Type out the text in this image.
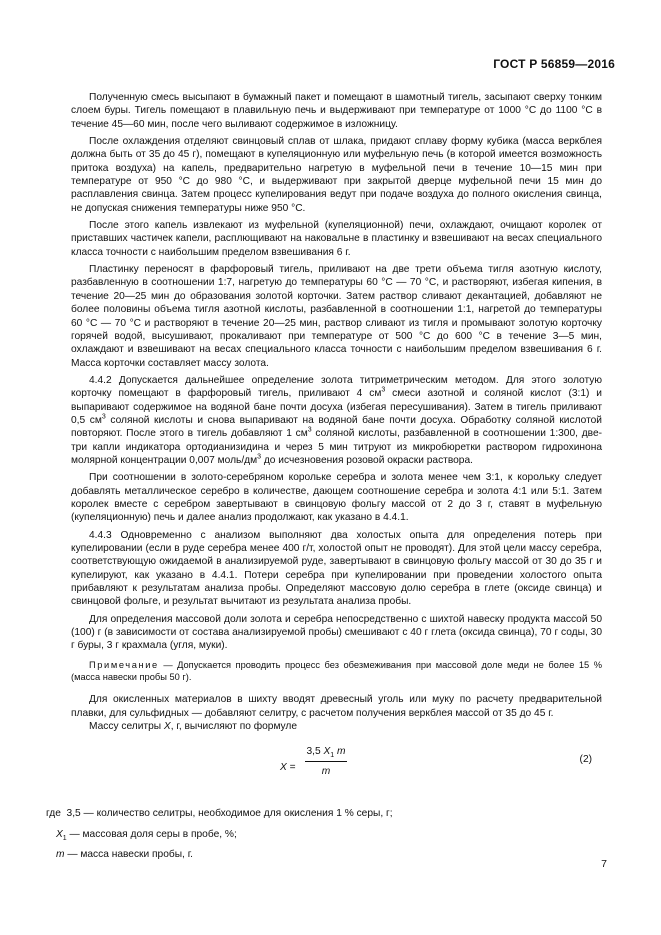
ГОСТ Р 56859—2016

Полученную смесь высыпают в бумажный пакет и помещают в шамотный тигель, засыпают сверху тонким слоем буры. Тигель помещают в плавильную печь и выдерживают при температуре от 1000 °С до 1100 °С в течение 45—60 мин, после чего выливают содержимое в изложницу.

После охлаждения отделяют свинцовый сплав от шлака, придают сплаву форму кубика (масса веркблея должна быть от 35 до 45 г), помещают в купеляционную или муфельную печь (в которой имеется возможность притока воздуха) на капель, предварительно нагретую в муфельной печи в течение 10—15 мин при температуре от 950 °С до 980 °С, и выдерживают при закрытой дверце муфельной печи 15 мин до расплавления свинца. Затем процесс купелирования ведут при подаче воздуха до полного окисления свинца, не допуская снижения температуры ниже 950 °С.

После этого капель извлекают из муфельной (купеляционной) печи, охлаждают, очищают королек от приставших частичек капели, расплющивают на наковальне в пластинку и взвешивают на весах специального класса точности с наибольшим пределом взвешивания 6 г.

Пластинку переносят в фарфоровый тигель, приливают на две трети объема тигля азотную кислоту, разбавленную в соотношении 1:7, нагретую до температуры 60 °С — 70 °С, и растворяют, избегая кипения, в течение 20—25 мин до образования золотой корточки. Затем раствор сливают декантацией, добавляют не более половины объема тигля азотной кислоты, разбавленной в соотношении 1:1, нагретой до температуры 60 °С — 70 °С и растворяют в течение 20—25 мин, раствор сливают из тигля и промывают золотую корточку горячей водой, высушивают, прокаливают при температуре от 500 °С до 600 °С в течение 3—5 мин, охлаждают и взвешивают на весах специального класса точности с наибольшим пределом взвешивания 6 г. Масса корточки составляет массу золота.

4.4.2 Допускается дальнейшее определение золота титриметрическим методом. Для этого золотую корточку помещают в фарфоровый тигель, приливают 4 $см^3$ смеси азотной и соляной кислот (3:1) и выпаривают содержимое на водяной бане почти досуха (избегая пересушивания). Затем в тигель приливают 0,5 $см^3$ соляной кислоты и снова выпаривают на водяной бане почти досуха. Обработку соляной кислотой повторяют. После этого в тигель добавляют 1 $см^3$ соляной кислоты, разбавленной в соотношении 1:300, две-три капли индикатора ортодианизидина и через 5 мин титруют из микробюретки раствором гидрохинона молярной концентрации 0,007 моль/$дм^3$ до исчезновения розовой окраски раствора.

При соотношении в золото-серебряном корольке серебра и золота менее чем 3:1, к корольку следует добавлять металлическое серебро в количестве, дающем соотношение серебра и золота 4:1 или 5:1. Затем королек вместе с серебром завертывают в свинцовую фольгу массой от 2 до 3 г, ставят в муфельную (купеляционную) печь и далее анализ продолжают, как указано в 4.4.1.

4.4.3 Одновременно с анализом выполняют два холостых опыта для определения потерь при купелировании (если в руде серебра менее 400 г/т, холостой опыт не проводят). Для этой цели массу серебра, соответствующую ожидаемой в анализируемой руде, завертывают в свинцовую фольгу массой от 30 до 35 г и купелируют, как указано в 4.4.1. Потери серебра при купелировании при проведении холостого опыта прибавляют к результатам анализа пробы. Определяют массовую долю серебра в глете (оксиде свинца) и свинцовой фольге, и результат вычитают из результата анализа пробы.

Для определения массовой доли золота и серебра непосредственно с шихтой навеску продукта массой 50 (100) г (в зависимости от состава анализируемой пробы) смешивают с 40 г глета (оксида свинца), 70 г соды, 30 г буры, 3 г крахмала (угля, муки).

Примечание — Допускается проводить процесс без обезмеживания при массовой доле меди не более 15 % (масса навески пробы 50 г).

Для окисленных материалов в шихту вводят древесный уголь или муку по расчету предварительной плавки, для сульфидных — добавляют селитру, с расчетом получения веркблея массой от 35 до 45 г.

Массу селитры X, г, вычисляют по формуле

X =
3,5 $X_1$ m
m
(2)
где 3,5 — количество селитры, необходимое для окисления 1 % серы, г;
$X_1$ — массовая доля серы в пробе, %;
m — масса навески пробы, г.
7
